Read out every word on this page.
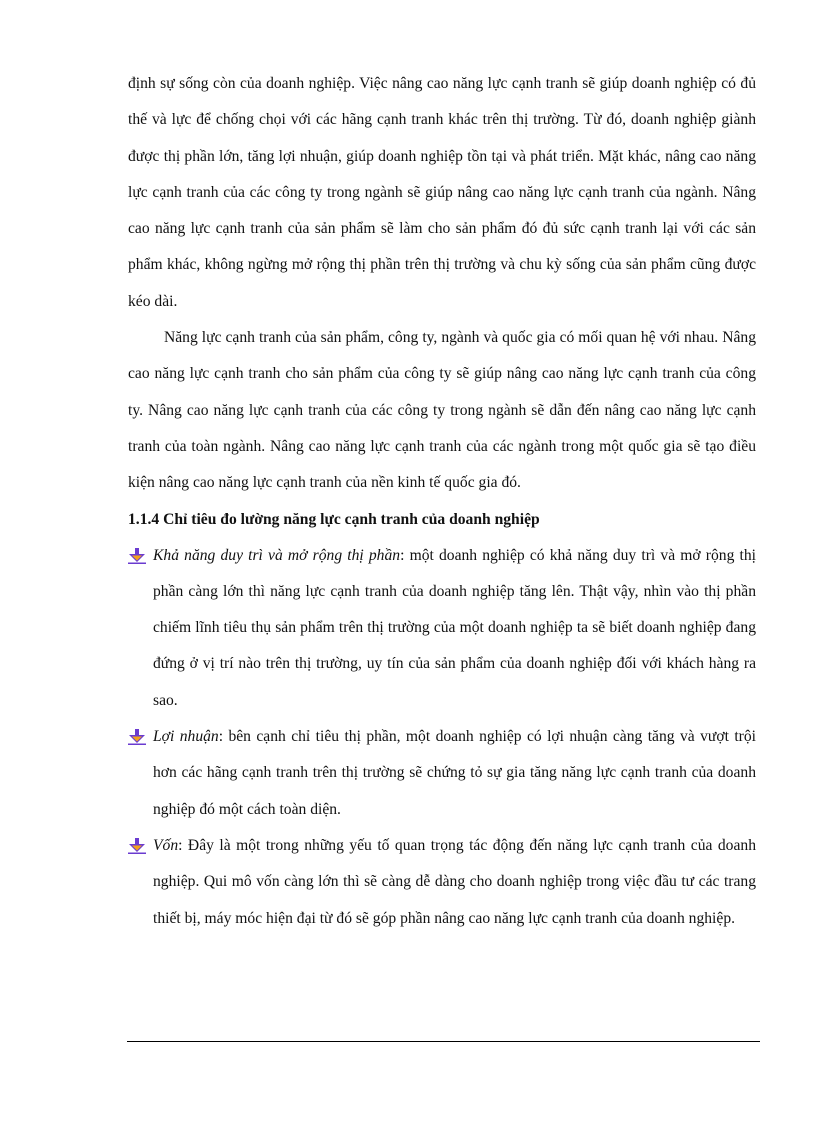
định sự sống còn của doanh nghiệp. Việc nâng cao năng lực cạnh tranh sẽ giúp doanh nghiệp có đủ thế và lực để chống chọi với các hãng cạnh tranh khác trên thị trường. Từ đó, doanh nghiệp giành được thị phần lớn, tăng lợi nhuận, giúp doanh nghiệp tồn tại và phát triển. Mặt khác, nâng cao năng lực cạnh tranh của các công ty trong ngành sẽ giúp nâng cao năng lực cạnh tranh của ngành. Nâng cao năng lực cạnh tranh của sản phẩm sẽ làm cho sản phẩm đó đủ sức cạnh tranh lại với các sản phẩm khác, không ngừng mở rộng thị phần trên thị trường và chu kỳ sống của sản phẩm cũng được kéo dài.

Năng lực cạnh tranh của sản phẩm, công ty, ngành và quốc gia có mối quan hệ với nhau. Nâng cao năng lực cạnh tranh cho sản phẩm của công ty sẽ giúp nâng cao năng lực cạnh tranh của công ty. Nâng cao năng lực cạnh tranh của các công ty trong ngành sẽ dẫn đến nâng cao năng lực cạnh tranh của toàn ngành. Nâng cao năng lực cạnh tranh của các ngành trong một quốc gia sẽ tạo điều kiện nâng cao năng lực cạnh tranh của nền kinh tế quốc gia đó.

1.1.4 Chỉ tiêu đo lường năng lực cạnh tranh của doanh nghiệp

Khả năng duy trì và mở rộng thị phần: một doanh nghiệp có khả năng duy trì và mở rộng thị phần càng lớn thì năng lực cạnh tranh của doanh nghiệp tăng lên. Thật vậy, nhìn vào thị phần chiếm lĩnh tiêu thụ sản phẩm trên thị trường của một doanh nghiệp ta sẽ biết doanh nghiệp đang đứng ở vị trí nào trên thị trường, uy tín của sản phẩm của doanh nghiệp đối với khách hàng ra sao.

Lợi nhuận: bên cạnh chỉ tiêu thị phần, một doanh nghiệp có lợi nhuận càng tăng và vượt trội hơn các hãng cạnh tranh trên thị trường sẽ chứng tỏ sự gia tăng năng lực cạnh tranh của doanh nghiệp đó một cách toàn diện.

Vốn: Đây là một trong những yếu tố quan trọng tác động đến năng lực cạnh tranh của doanh nghiệp. Qui mô vốn càng lớn thì sẽ càng dễ dàng cho doanh nghiệp trong việc đầu tư các trang thiết bị, máy móc hiện đại từ đó sẽ góp phần nâng cao năng lực cạnh tranh của doanh nghiệp.
